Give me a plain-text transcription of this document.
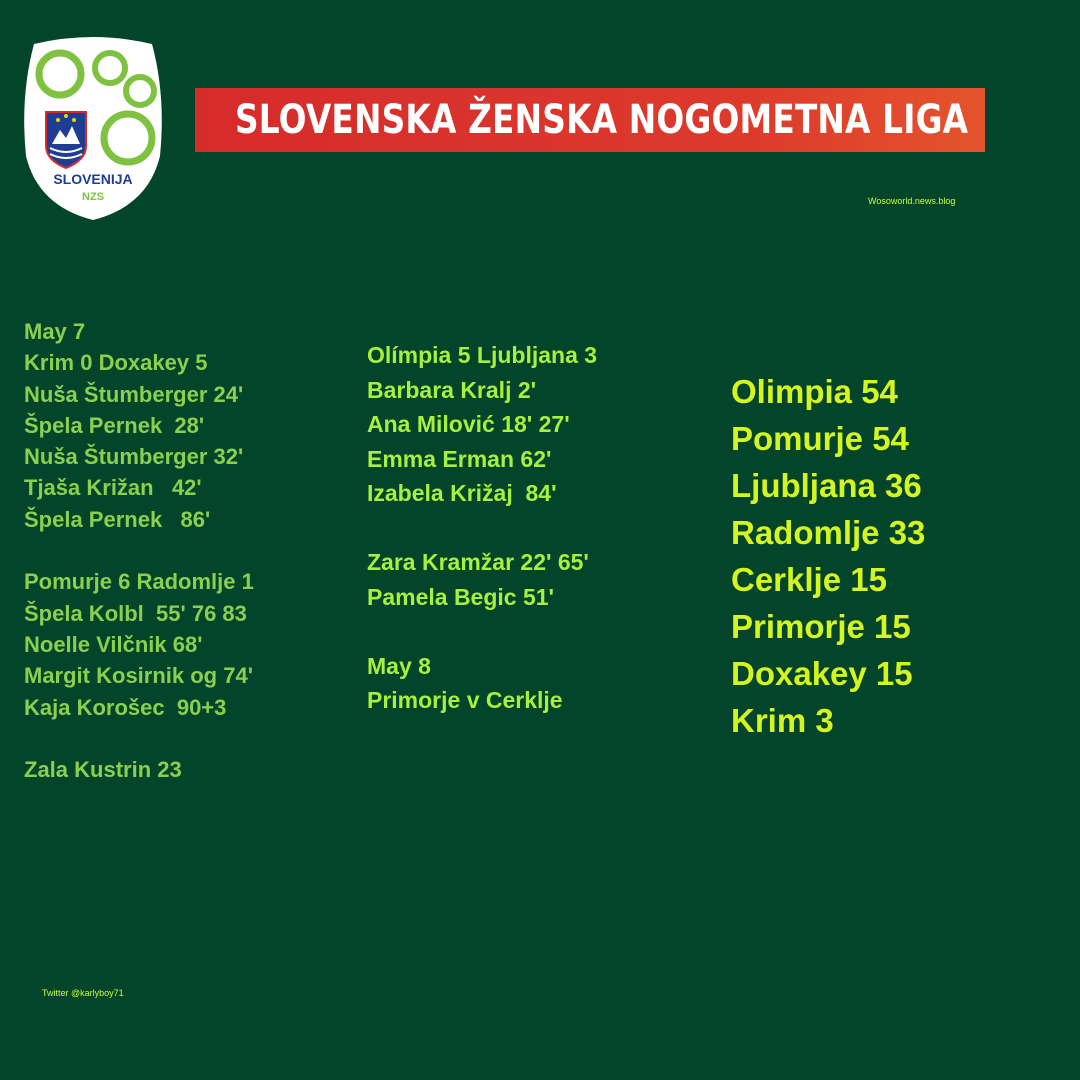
SLOVENIJA
NZS
SLOVENSKA ŽENSKA NOGOMETNA LIGA
Wosoworld.news.blog
May 7
Krim 0 Doxakey 5
Nuša Štumberger 24'
Špela Pernek  28'
Nuša Štumberger 32'
Tjaša Križan   42'
Špela Pernek   86'
Pomurje 6 Radomlje 1
Špela Kolbl  55' 76 83
Noelle Vilčnik 68'
Margit Kosirnik og 74'
Kaja Korošec  90+3
Zala Kustrin 23
Olímpia 5 Ljubljana 3
Barbara Kralj 2'
Ana Milović 18' 27'
Emma Erman 62'
Izabela Križaj  84'
Zara Kramžar 22' 65'
Pamela Begic 51'
May 8
Primorje v Cerklje
Olimpia 54
Pomurje 54
Ljubljana 36
Radomlje 33
Cerklje 15
Primorje 15
Doxakey 15
Krim 3
Twitter @karlyboy71
